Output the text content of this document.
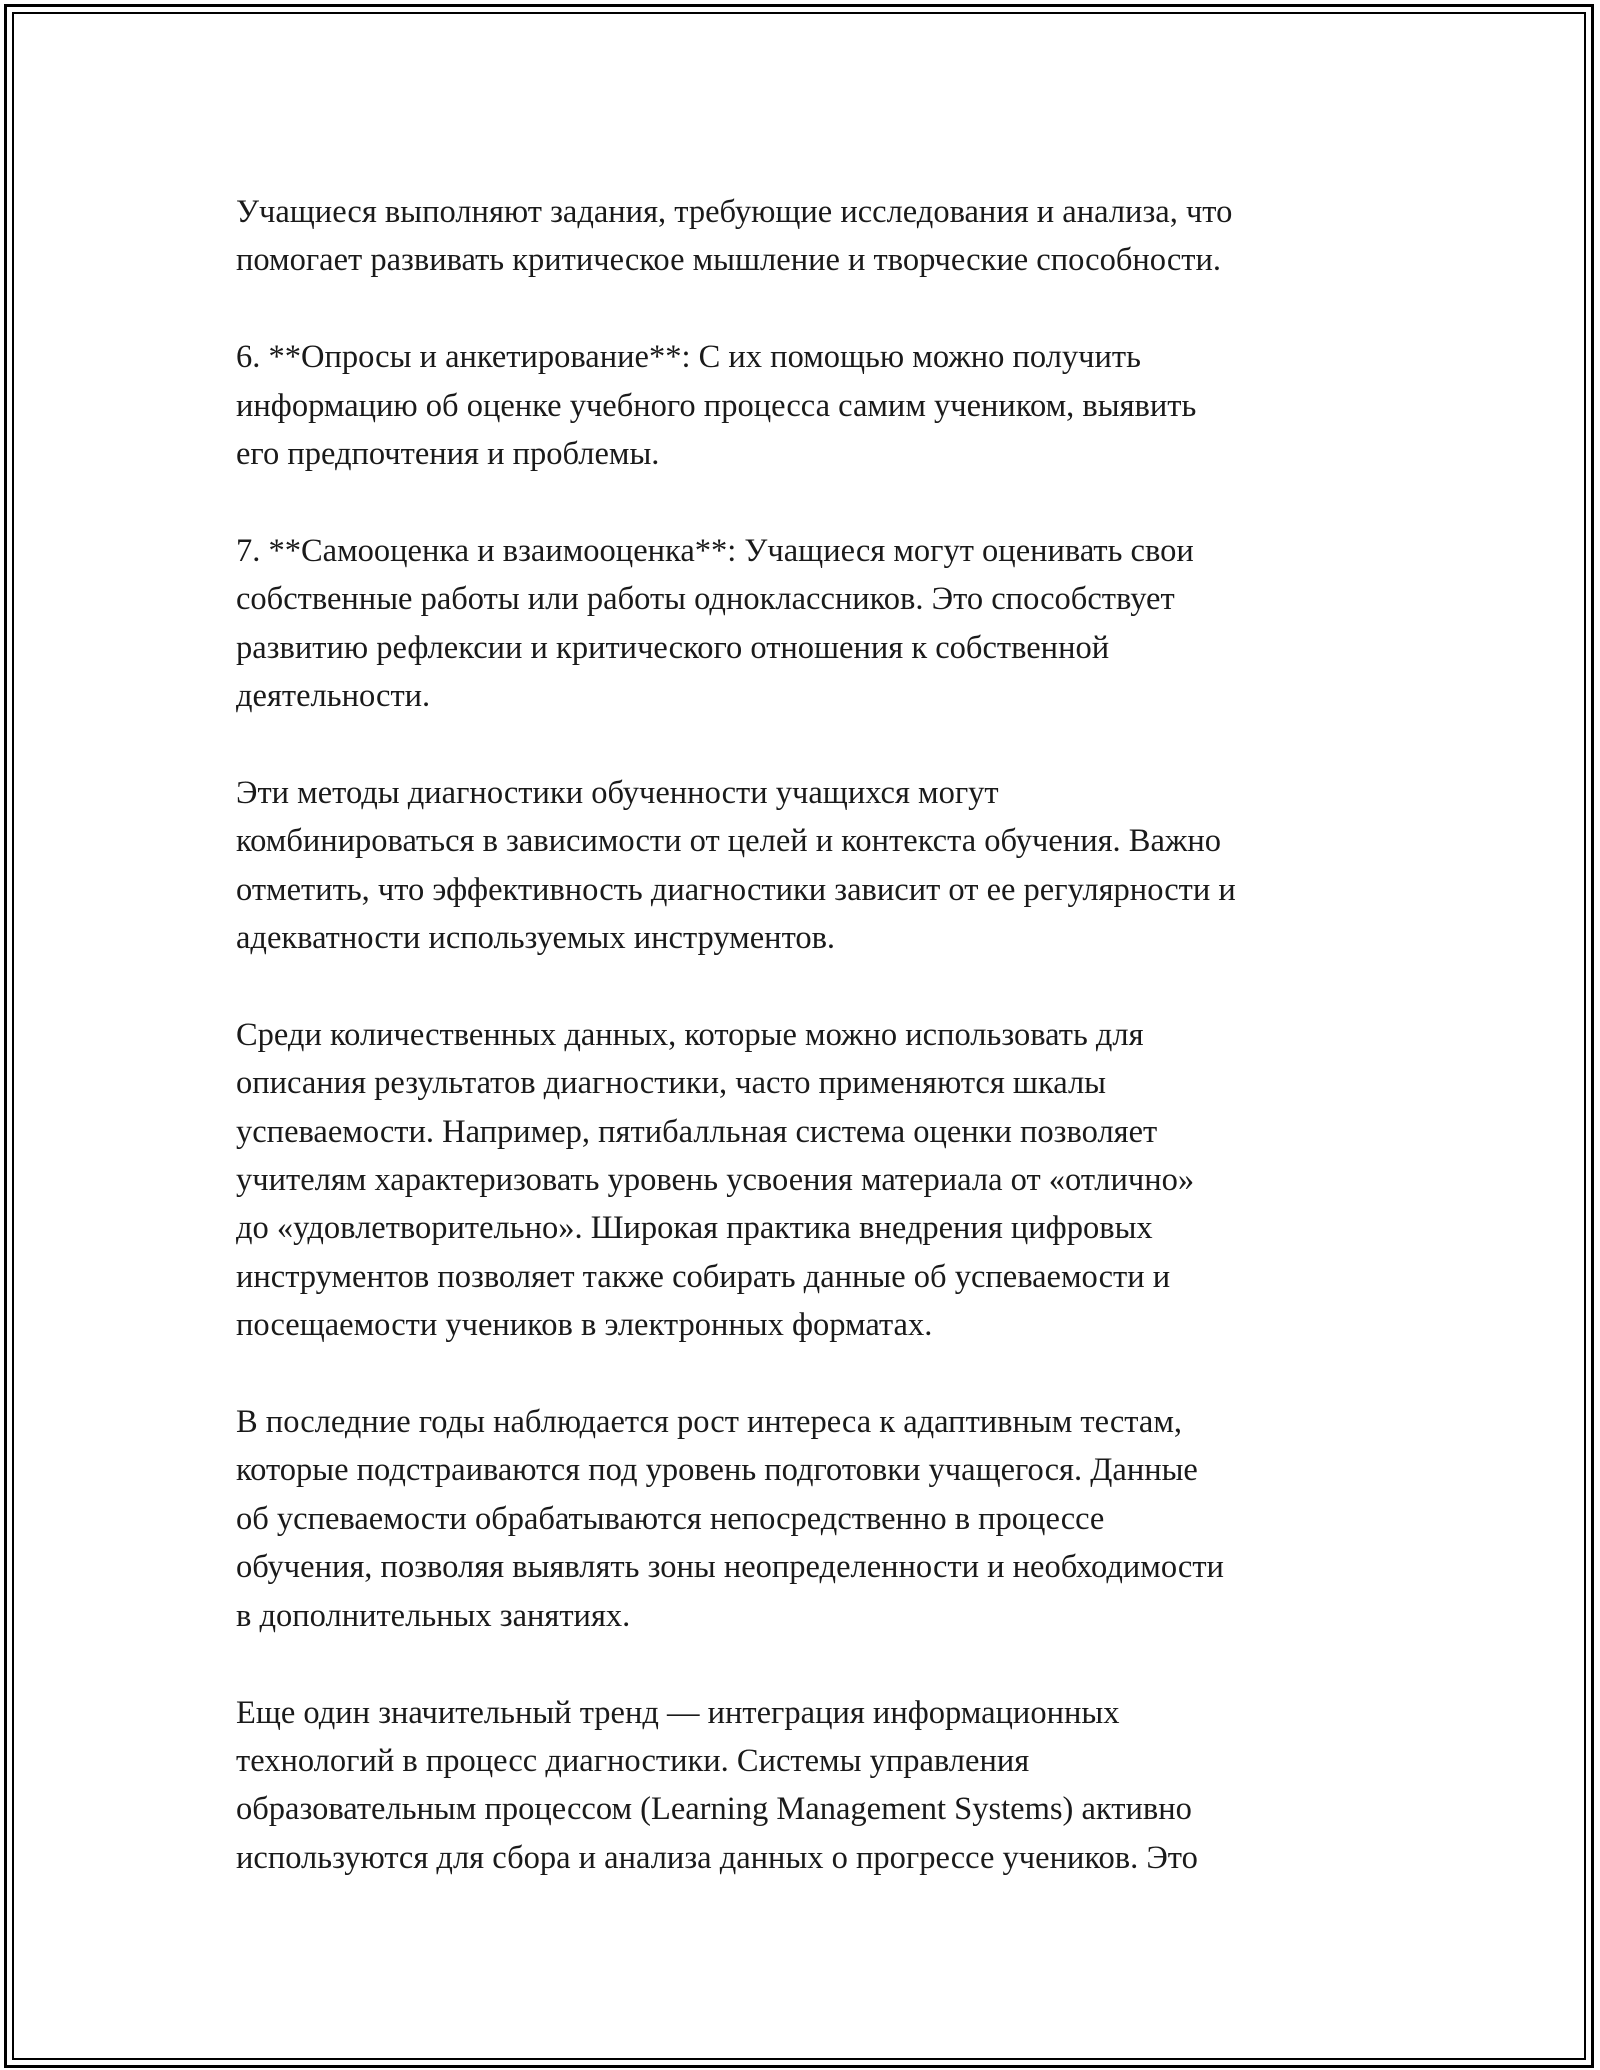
Учащиеся выполняют задания, требующие исследования и анализа, что
помогает развивать критическое мышление и творческие способности.

6. **Опросы и анкетирование**: С их помощью можно получить
информацию об оценке учебного процесса самим учеником, выявить
его предпочтения и проблемы.

7. **Самооценка и взаимооценка**: Учащиеся могут оценивать свои
собственные работы или работы одноклассников. Это способствует
развитию рефлексии и критического отношения к собственной
деятельности.

Эти методы диагностики обученности учащихся могут
комбинироваться в зависимости от целей и контекста обучения. Важно
отметить, что эффективность диагностики зависит от ее регулярности и
адекватности используемых инструментов.

Среди количественных данных, которые можно использовать для
описания результатов диагностики, часто применяются шкалы
успеваемости. Например, пятибалльная система оценки позволяет
учителям характеризовать уровень усвоения материала от «отлично»
до «удовлетворительно». Широкая практика внедрения цифровых
инструментов позволяет также собирать данные об успеваемости и
посещаемости учеников в электронных форматах.

В последние годы наблюдается рост интереса к адаптивным тестам,
которые подстраиваются под уровень подготовки учащегося. Данные
об успеваемости обрабатываются непосредственно в процессе
обучения, позволяя выявлять зоны неопределенности и необходимости
в дополнительных занятиях.

Еще один значительный тренд — интеграция информационных
технологий в процесс диагностики. Системы управления
образовательным процессом (Learning Management Systems) активно
используются для сбора и анализа данных о прогрессе учеников. Это
